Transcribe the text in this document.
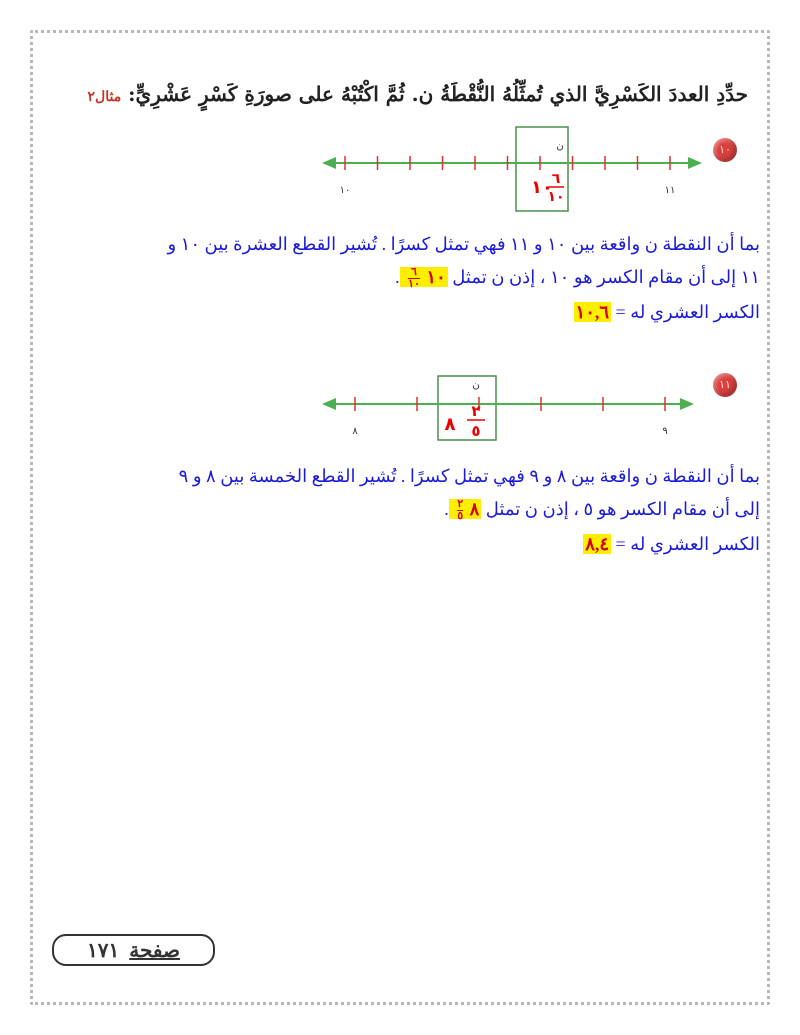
حدِّدِ العددَ الكَسْرِيَّ الذي تُمثِّلُهُ النُّقْطَةُ ن. ثُمَّ اكْتُبْهُ على صورَةِ كَسْرٍ عَشْرِيٍّ: مثال٢
١٠
ن
١٠
٦
١٠
١٠	١١
بما أن النقطة ن واقعة بين ١٠ و ١١ فهي تمثل كسرًا . تُشير القطع العشرة بين ١٠ و
١١ إلى أن مقام الكسر هو ١٠ ، إذن ن تمثل ١٠
$\frac{٦}{١٠}$
.
الكسر العشري له = ١٠,٦
١١
ن
٨
٢
٥
٨	٩
بما أن النقطة ن واقعة بين ٨ و ٩ فهي تمثل كسرًا . تُشير القطع الخمسة بين ٨ و ٩
إلى أن مقام الكسر هو ٥ ، إذن ن تمثل ٨
$\frac{٢}{٥}$
.
الكسر العشري له = ٨,٤
صفحة
١٧١
